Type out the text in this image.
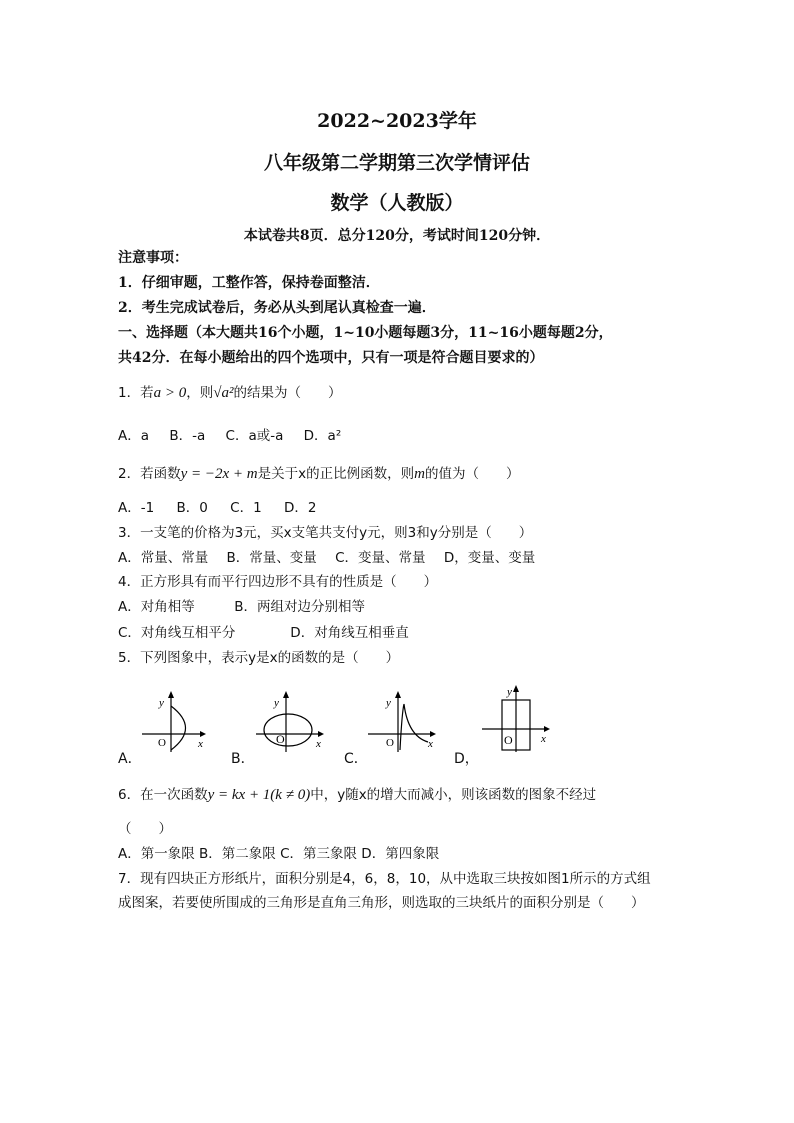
2022~2023学年
八年级第二学期第三次学情评估
数学（人教版）
本试卷共8页．总分120分，考试时间120分钟．
注意事项：
1．仔细审题，工整作答，保持卷面整洁．
2．考生完成试卷后，务必从头到尾认真检查一遍．
一、选择题（本大题共16个小题，1~10小题每题3分，11~16小题每题2分，
共42分．在每小题给出的四个选项中，只有一项是符合题目要求的）
1．若a > 0，则√a²的结果为（　　）
A．a B．-a C．a或-a D．a²
2．若函数y = −2x + m是关于x的正比例函数，则m的值为（　　）
A．-1 B．0 C．1 D．2
3．一支笔的价格为3元，买x支笔共支付y元，则3和y分别是（　　）
A．常量、常量 B．常量、变量 C．变量、常量 D，变量、变量
4．正方形具有而平行四边形不具有的性质是（　　）
A．对角相等	B．两组对边分别相等
C．对角线互相平分	D．对角线互相垂直
5．下列图象中，表示y是x的函数的是（　　）
A．	B．	C．	D，
y
x
O
y
x
O
y
x
O
y
x
O
6．在一次函数y = kx + 1(k ≠ 0)中，y随x的增大而减小，则该函数的图象不经过
（　　）
A．第一象限 B．第二象限 C．第三象限 D．第四象限
7．现有四块正方形纸片，面积分别是4，6，8，10，从中选取三块按如图1所示的方式组
成图案，若要使所围成的三角形是直角三角形，则选取的三块纸片的面积分别是（　　）
